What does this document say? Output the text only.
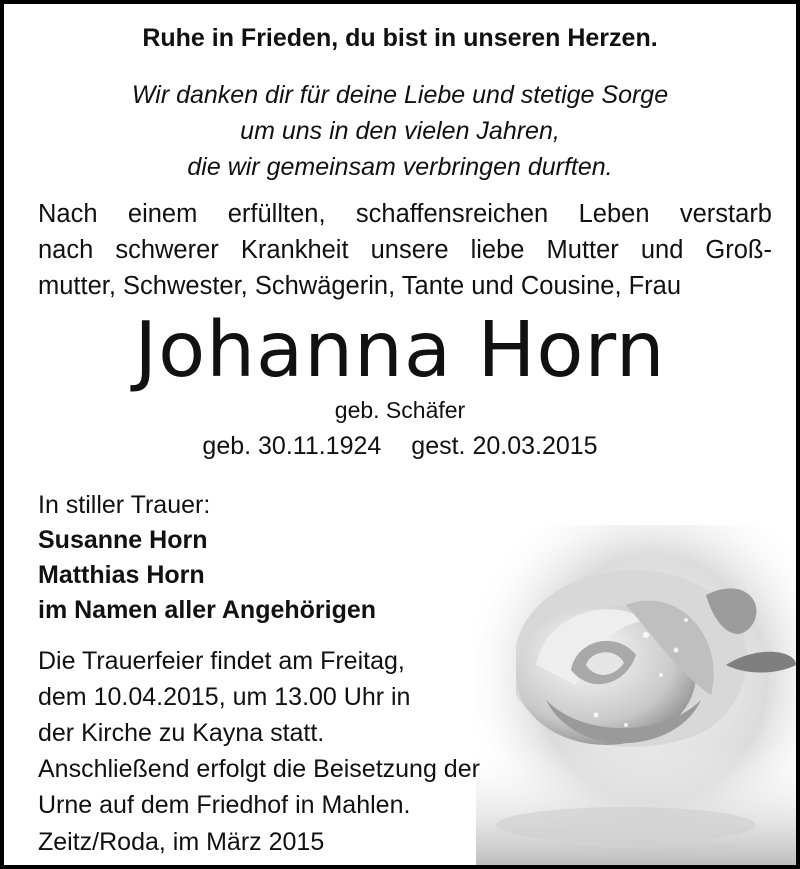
Ruhe in Frieden, du bist in unseren Herzen.
Wir danken dir für deine Liebe und stetige Sorge
um uns in den vielen Jahren,
die wir gemeinsam verbringen durften.
Nach einem erfüllten, schaffensreichen Leben verstarb
nach schwerer Krankheit unsere liebe Mutter und Groß-
mutter, Schwester, Schwägerin, Tante und Cousine, Frau
Johanna Horn
geb. Schäfer
geb. 30.11.1924 gest. 20.03.2015
In stiller Trauer:
Susanne Horn
Matthias Horn
im Namen aller Angehörigen
Die Trauerfeier findet am Freitag,
dem 10.04.2015, um 13.00 Uhr in
der Kirche zu Kayna statt.
Anschließend erfolgt die Beisetzung der
Urne auf dem Friedhof in Mahlen.
Zeitz/Roda, im März 2015
